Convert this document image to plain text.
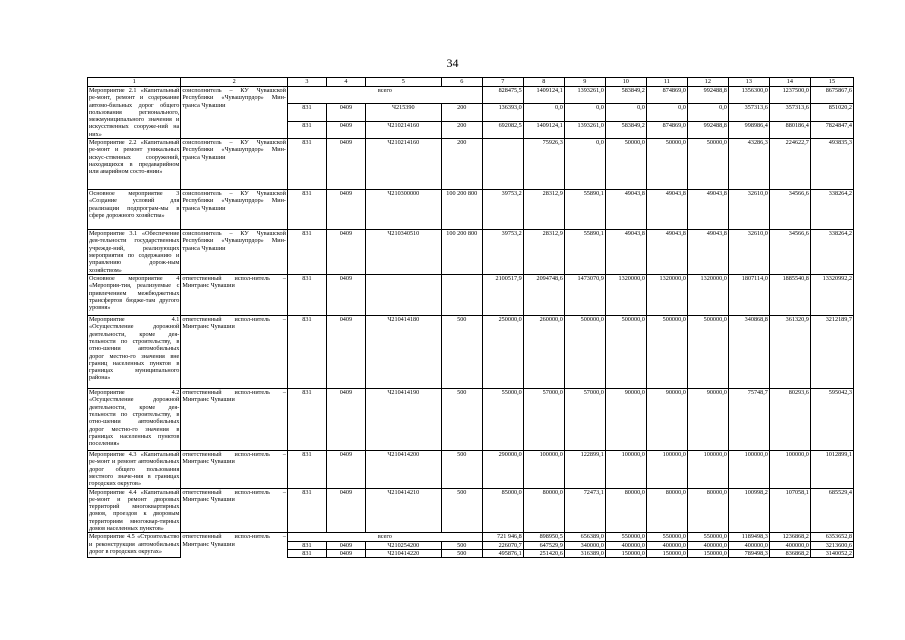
34
1	2	3	4	5	6	7	8	9	10	11	12	13	14	15
Мероприятие 2.1 «Капитальный ре-монт, ремонт и содержание автомо-бильных дорог общего пользования регионального, межмуниципального значения и искусственных сооруже-ний на них»	соисполнитель – КУ Чувашской Республики «Чувашупрдор» Мин-транса Чувашии	всего				828475,5	1409124,1	1393261,0	583849,2	874869,0	992488,8	1356300,0	1237500,0	8675867,6
		831	0409	Ч215390	200	136393,0	0,0	0,0	0,0	0,0	0,0	357313,6	357313,6	851020,2
		831	0409	Ч210214160	200	692082,5	1409124,1	1393261,0	583849,2	874869,0	992488,8	998986,4	880186,4	7824847,4
Мероприятие 2.2 «Капитальный ре-монт и ремонт уникальных искус-ственных сооружений, находящихся в предаварийном или аварийном состо-янии»	соисполнитель – КУ Чувашской Республики «Чувашупрдор» Мин-транса Чувашии	831	0409	Ч210214160	200		75926,3	0,0	50000,0	50000,0	50000,0	43286,3	224622,7	493835,3
Основное мероприятие 3 «Создание условий для реализации подпрограм-мы в сфере дорожного хозяйства»	соисполнитель – КУ Чувашской Республики «Чувашупрдор» Мин-транса Чувашии	831	0409	Ч210300000	100 200 800	39753,2	28312,9	55890,1	49043,8	49043,8	49043,8	32610,0	34566,6	338264,2
Мероприятие 3.1 «Обеспечение дея-тельности государственных учрежде-ний, реализующих мероприятия по содержанию и управлению дорож-ным хозяйством»	соисполнитель – КУ Чувашской Республики «Чувашупрдор» Мин-транса Чувашии	831	0409	Ч210340510	100 200 800	39753,2	28312,9	55890,1	49043,8	49043,8	49043,8	32610,0	34566,6	338264,2
Основное мероприятие 4 «Мероприя-тия, реализуемые с привлечением межбюджетных трансфертов бюдже-там другого уровня»	ответственный испол-нитель – Минтранс Чувашии	831	0409			2100517,9	2094748,6	1473070,9	1320000,0	1320000,0	1320000,0	1807114,0	1885540,8	13320992,2
Мероприятие 4.1 «Осуществление дорожной деятельности, кроме дея-тельности по строительству, в отно-шении автомобильных дорог местно-го значения вне границ населенных пунктов в границах муниципального района»	ответственный испол-нитель – Минтранс Чувашии	831	0409	Ч210414180	500	250000,0	260000,0	500000,0	500000,0	500000,0	500000,0	340868,8	361320,9	3212189,7
Мероприятие 4.2 «Осуществление дорожной деятельности, кроме дея-тельности по строительству, в отно-шении автомобильных дорог местно-го значения в границах населенных пунктов поселения»	ответственный испол-нитель – Минтранс Чувашии	831	0409	Ч210414190	500	55000,0	57000,0	57000,0	90000,0	90000,0	90000,0	75748,7	80293,6	595042,3
Мероприятие 4.3 «Капитальный ре-монт и ремонт автомобильных дорог общего пользования местного значе-ния в границах городских округов»	ответственный испол-нитель – Минтранс Чувашии	831	0409	Ч210414200	500	290000,0	100000,0	122899,1	100000,0	100000,0	100000,0	100000,0	100000,0	1012899,1
Мероприятие 4.4 «Капитальный ре-монт и ремонт дворовых территорий многоквартирных домов, проездов к дворовым территориям многоквар-тирных домов населенных пунктов»	ответственный испол-нитель – Минтранс Чувашии	831	0409	Ч210414210	500	85000,0	80000,0	72473,1	80000,0	80000,0	80000,0	100998,2	107058,1	685529,4
Мероприятие 4.5 «Строительство и реконструкция автомобильных дорог в городских округах»	ответственный испол-нитель – Минтранс Чувашии	всего				721 946,8	898950,5	656389,0	550000,0	550000,0	550000,0	1189498,3	1236868,2	6353652,8
		831	0409	Ч210254200	500	226070,7	647529,9	340000,0	400000,0	400000,0	400000,0	400000,0	400000,0	3213600,6
		831	0409	Ч210414220	500	495876,1	251420,6	316389,0	150000,0	150000,0	150000,0	789498,3	836868,2	3140052,2
